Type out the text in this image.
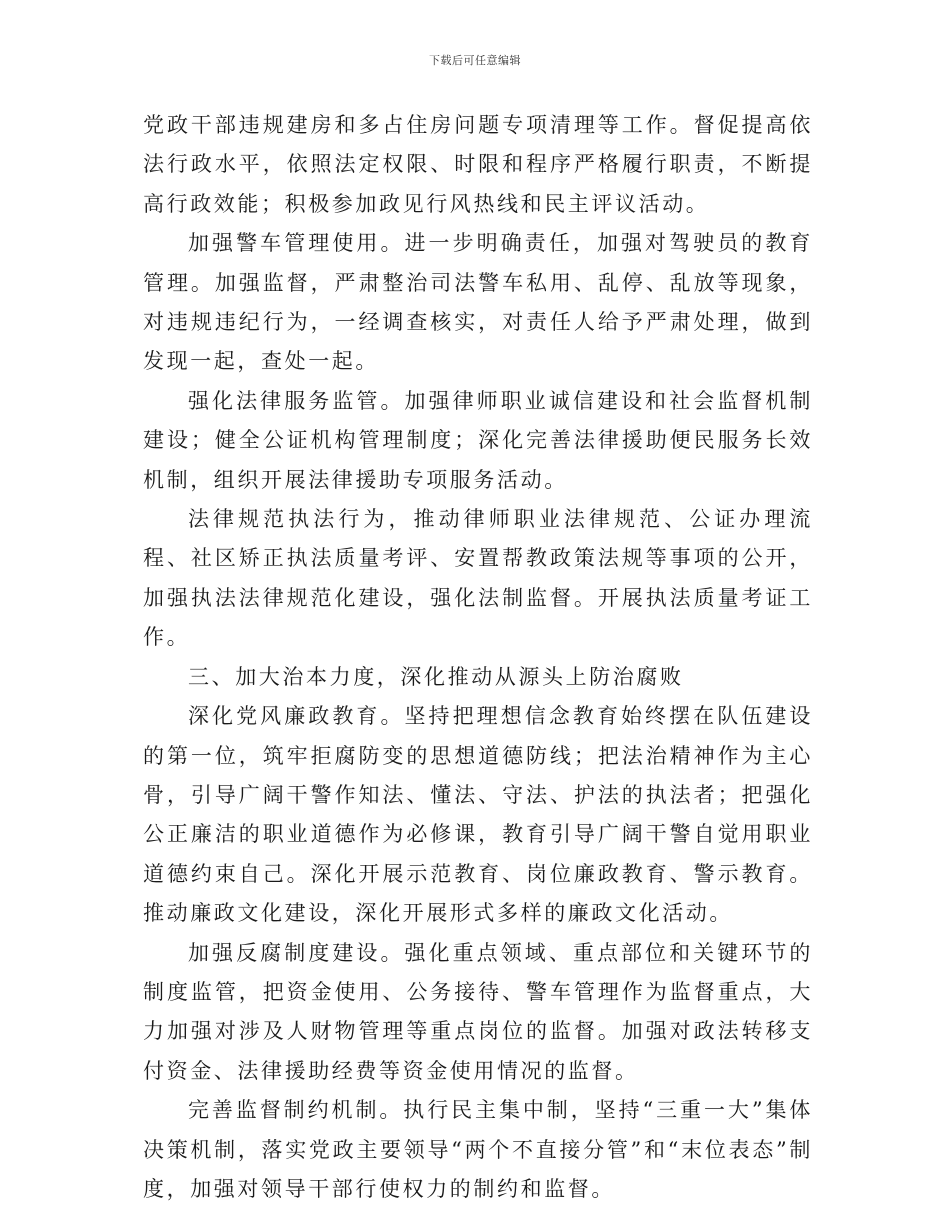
下载后可任意编辑

党政干部违规建房和多占住房问题专项清理等工作。督促提高依法行政水平，依照法定权限、时限和程序严格履行职责，不断提高行政效能；积极参加政见行风热线和民主评议活动。

加强警车管理使用。进一步明确责任，加强对驾驶员的教育管理。加强监督，严肃整治司法警车私用、乱停、乱放等现象，对违规违纪行为，一经调查核实，对责任人给予严肃处理，做到发现一起，查处一起。

强化法律服务监管。加强律师职业诚信建设和社会监督机制建设；健全公证机构管理制度；深化完善法律援助便民服务长效机制，组织开展法律援助专项服务活动。

法律规范执法行为，推动律师职业法律规范、公证办理流程、社区矫正执法质量考评、安置帮教政策法规等事项的公开，加强执法法律规范化建设，强化法制监督。开展执法质量考证工作。

三、加大治本力度，深化推动从源头上防治腐败

深化党风廉政教育。坚持把理想信念教育始终摆在队伍建设的第一位，筑牢拒腐防变的思想道德防线；把法治精神作为主心骨，引导广阔干警作知法、懂法、守法、护法的执法者；把强化公正廉洁的职业道德作为必修课，教育引导广阔干警自觉用职业道德约束自己。深化开展示范教育、岗位廉政教育、警示教育。推动廉政文化建设，深化开展形式多样的廉政文化活动。

加强反腐制度建设。强化重点领域、重点部位和关键环节的制度监管，把资金使用、公务接待、警车管理作为监督重点，大力加强对涉及人财物管理等重点岗位的监督。加强对政法转移支付资金、法律援助经费等资金使用情况的监督。

完善监督制约机制。执行民主集中制，坚持“三重一大”集体决策机制，落实党政主要领导“两个不直接分管”和“末位表态”制度，加强对领导干部行使权力的制约和监督。
